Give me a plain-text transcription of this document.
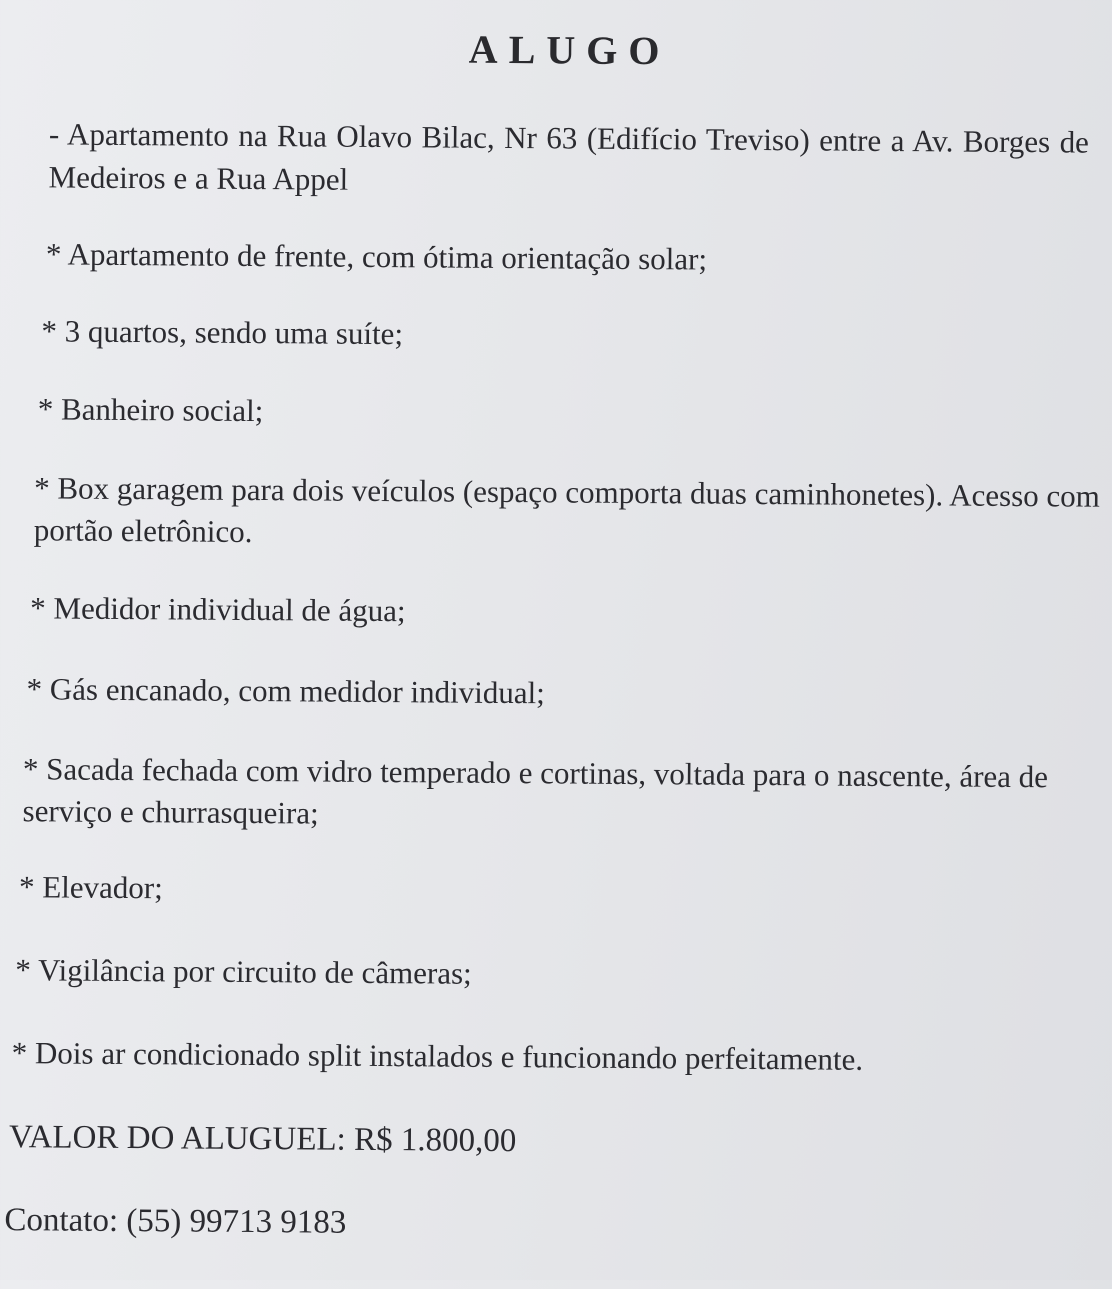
ALUGO
- Apartamento na Rua Olavo Bilac, Nr 63 (Edifício Treviso) entre a Av. Borges de Medeiros e a Rua Appel
* Apartamento de frente, com ótima orientação solar;
* 3 quartos, sendo uma suíte;
* Banheiro social;
* Box garagem para dois veículos (espaço comporta duas caminhonetes). Acesso com portão eletrônico.
* Medidor individual de água;
* Gás encanado, com medidor individual;
* Sacada fechada com vidro temperado e cortinas, voltada para o nascente, área de serviço e churrasqueira;
* Elevador;
* Vigilância por circuito de câmeras;
* Dois ar condicionado split instalados e funcionando perfeitamente.
VALOR DO ALUGUEL: R$ 1.800,00
Contato: (55) 99713 9183
